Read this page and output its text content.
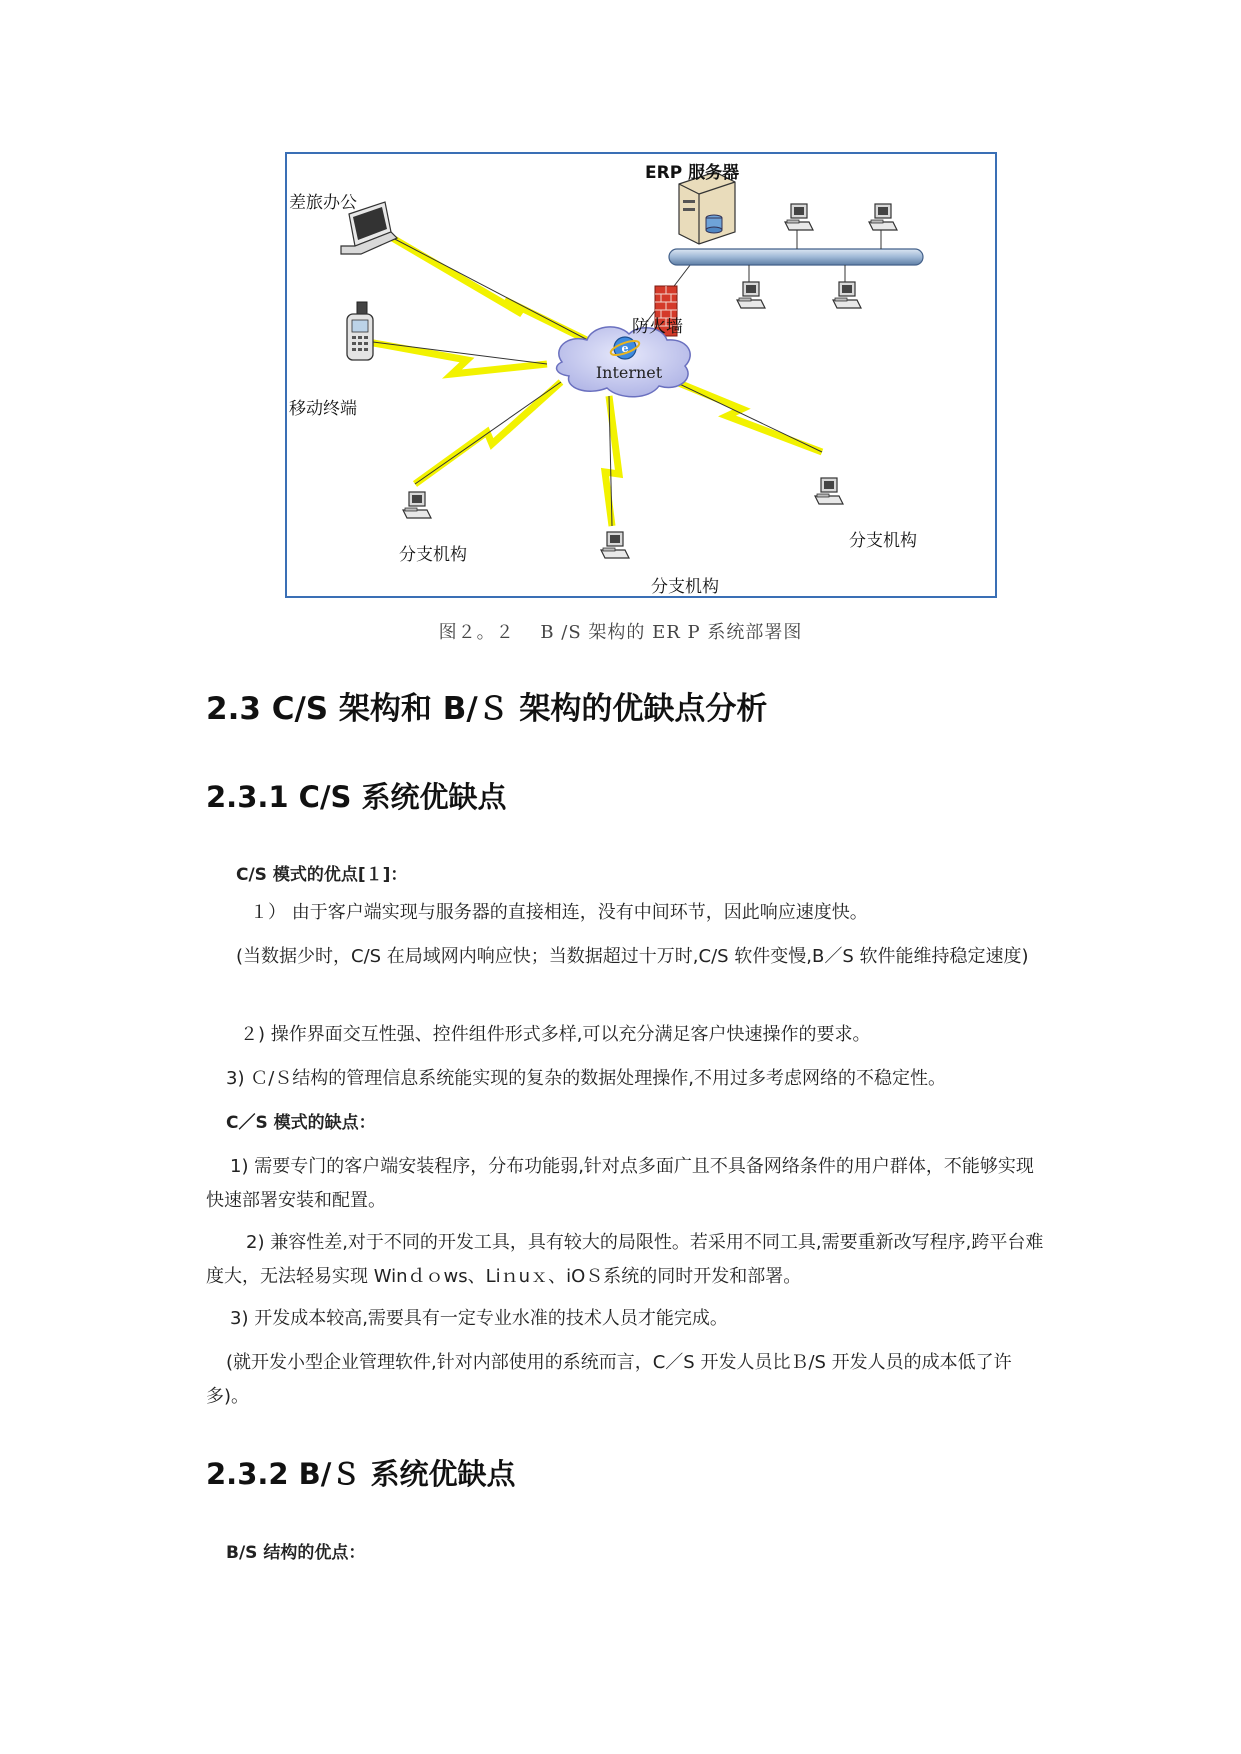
e
Internet
ERP 服务器
差旅办公
防火墙
移动终端
分支机构
分支机构
分支机构
图２。２　 B /S 架构的 ER P 系统部署图
2.3 C/S 架构和 B/Ｓ 架构的优缺点分析
2.3.1 C/S 系统优缺点
C/S 模式的优点[１]：
１） 由于客户端实现与服务器的直接相连，没有中间环节，因此响应速度快。
(当数据少时，C/S 在局域网内响应快；当数据超过十万时,C/S 软件变慢,B／S 软件能维持稳定速度)
２) 操作界面交互性强、控件组件形式多样,可以充分满足客户快速操作的要求。
3) Ｃ/Ｓ结构的管理信息系统能实现的复杂的数据处理操作,不用过多考虑网络的不稳定性。
C／S 模式的缺点：
1) 需要专门的客户端安装程序，分布功能弱,针对点多面广且不具备网络条件的用户群体，不能够实现快速部署安装和配置。
2) 兼容性差,对于不同的开发工具，具有较大的局限性。若采用不同工具,需要重新改写程序,跨平台难度大，无法轻易实现 Winｄｏws、Liｎuｘ、iOＳ系统的同时开发和部署。
3) 开发成本较高,需要具有一定专业水准的技术人员才能完成。
(就开发小型企业管理软件,针对内部使用的系统而言，C／S 开发人员比Ｂ/S 开发人员的成本低了许多)。
2.3.2 B/Ｓ 系统优缺点
B/S 结构的优点：
